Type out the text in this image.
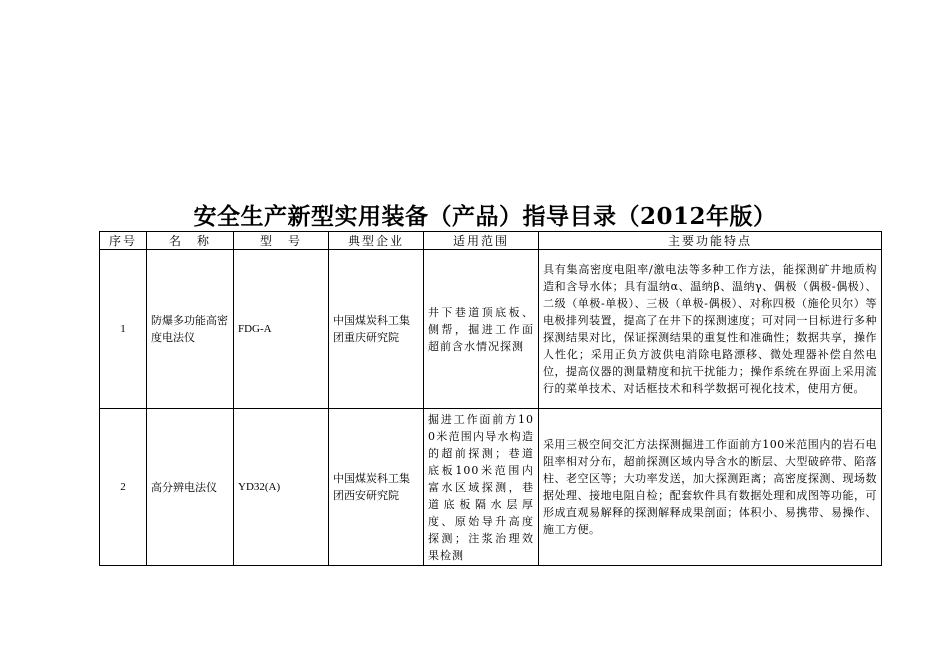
安全生产新型实用装备（产品）指导目录（2012年版）
序号	名　称	型　号	典型企业	适用范围	主要功能特点
1	防爆多功能高密度电法仪	FDG-A	中国煤炭科工集团重庆研究院	井下巷道顶底板、侧帮，掘进工作面超前含水情况探测	具有集高密度电阻率/激电法等多种工作方法，能探测矿井地质构造和含导水体；具有温纳α、温纳β、温纳γ、偶极（偶极-偶极）、二级（单极-单极）、三极（单极-偶极）、对称四极（施伦贝尔）等电极排列装置，提高了在井下的探测速度；可对同一目标进行多种探测结果对比，保证探测结果的重复性和准确性；数据共享，操作人性化；采用正负方波供电消除电路漂移、微处理器补偿自然电位，提高仪器的测量精度和抗干扰能力；操作系统在界面上采用流行的菜单技术、对话框技术和科学数据可视化技术，使用方便。
2	高分辨电法仪	YD32(A)	中国煤炭科工集团西安研究院	掘进工作面前方100米范围内导水构造的超前探测；巷道底板100米范围内富水区域探测，巷道底板隔水层厚度、原始导升高度探测；注浆治理效果检测	采用三极空间交汇方法探测掘进工作面前方100米范围内的岩石电阻率相对分布，超前探测区域内导含水的断层、大型破碎带、陷落柱、老空区等；大功率发送，加大探测距离；高密度探测、现场数据处理、接地电阻自检；配套软件具有数据处理和成图等功能，可形成直观易解释的探测解释成果剖面；体积小、易携带、易操作、施工方便。
